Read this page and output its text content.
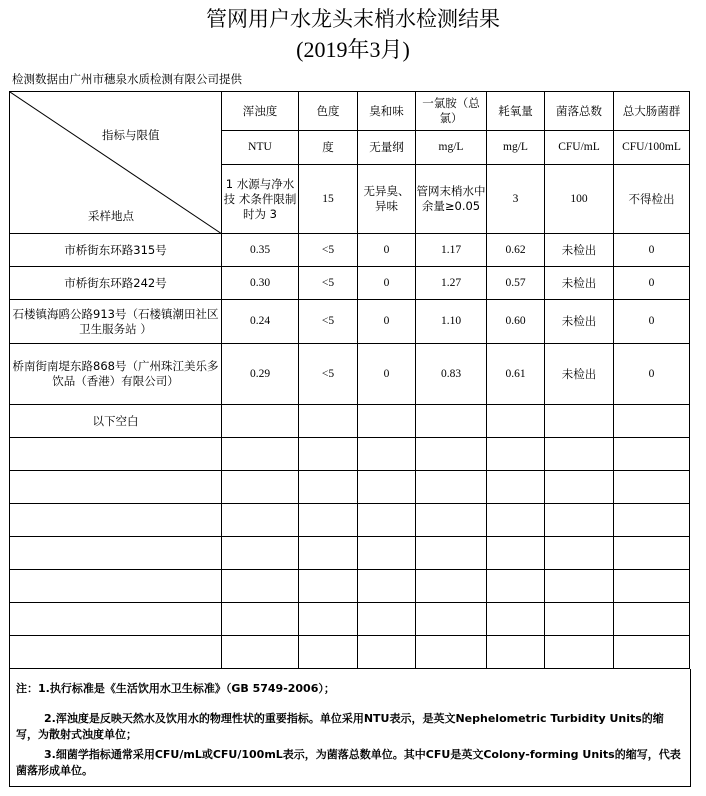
管网用户水龙头末梢水检测结果
(2019年3月)
检测数据由广州市穗泉水质检测有限公司提供
指标与限值
采样地点	浑浊度	色度	臭和味	一氯胺（总氯）	耗氧量	菌落总数	总大肠菌群
	NTU	度	无量纲	mg/L	mg/L	CFU/mL	CFU/100mL
	1 水源与净水技 术条件限制时为 3	15	无异臭、异味	管网末梢水中 余量≥0.05	3	100	不得检出
市桥街东环路315号	0.35	<5	0	1.17	0.62	未检出	0
市桥街东环路242号	0.30	<5	0	1.27	0.57	未检出	0
石楼镇海鸥公路913号（石楼镇潮田社区卫生服务站 ）	0.24	<5	0	1.10	0.60	未检出	0
桥南街南堤东路868号（广州珠江美乐多饮品（香港）有限公司）	0.29	<5	0	0.83	0.61	未检出	0
以下空白							

注：1.执行标准是《生活饮用水卫生标准》（GB 5749-2006）；

2.浑浊度是反映天然水及饮用水的物理性状的重要指标。单位采用NTU表示，是英文Nephelometric Turbidity Units的缩写，为散射式浊度单位；

3.细菌学指标通常采用CFU/mL或CFU/100mL表示，为菌落总数单位。其中CFU是英文Colony-forming Units的缩写，代表菌落形成单位。
